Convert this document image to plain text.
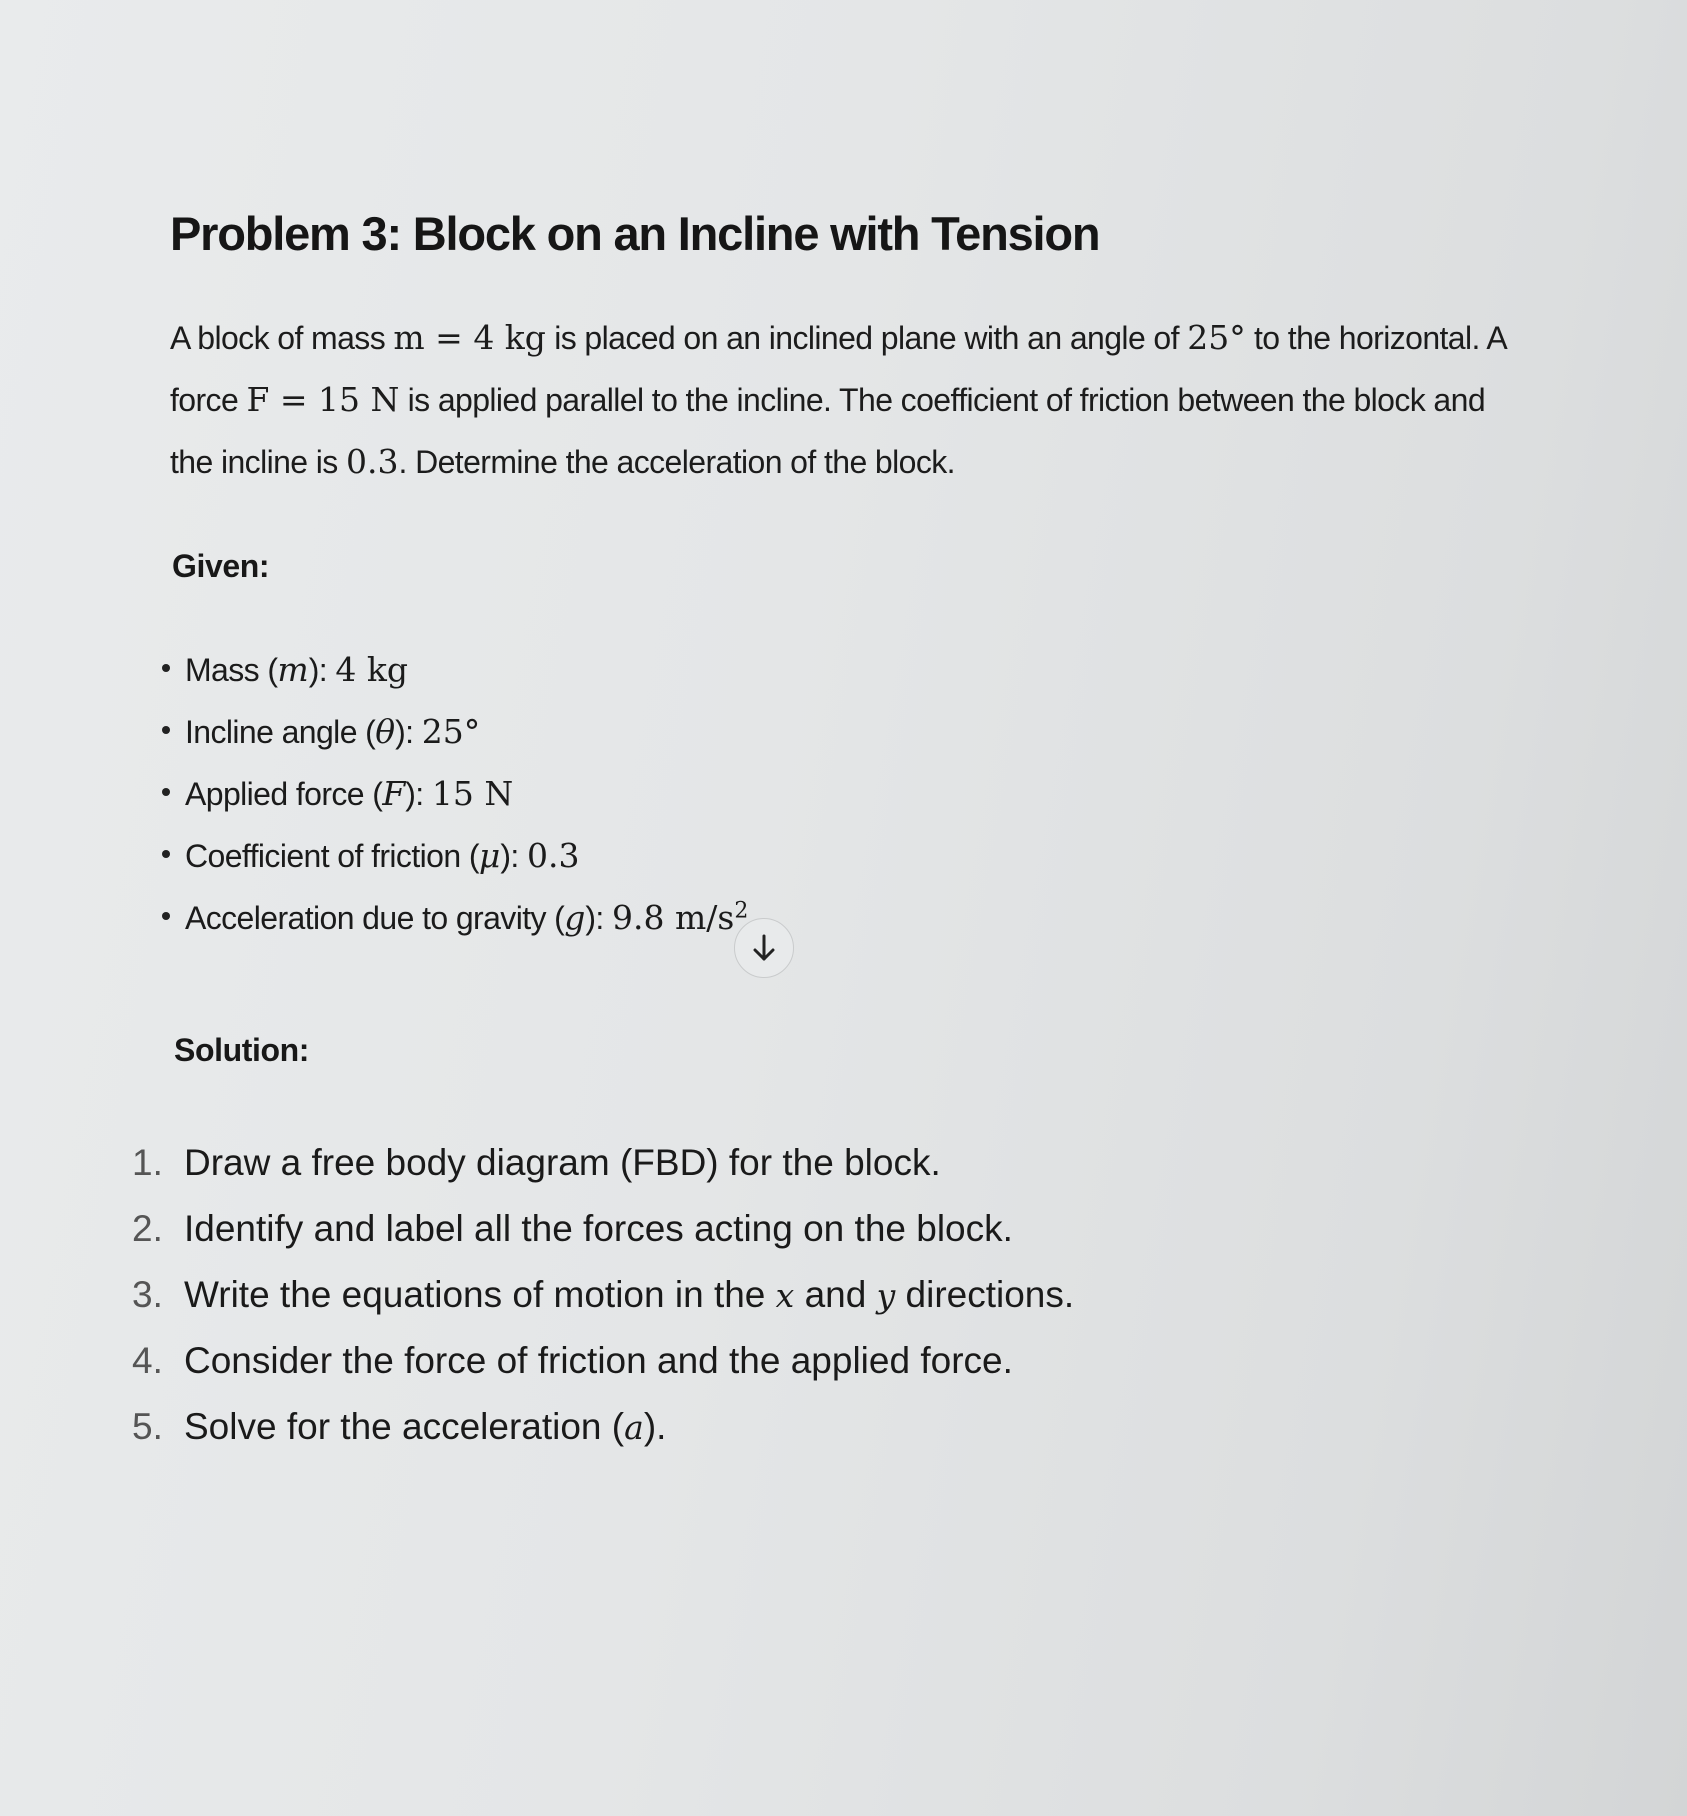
Problem 3: Block on an Incline with Tension
A block of mass m = 4 kg is placed on an inclined plane with an angle of 25° to the horizontal. A
force F = 15 N is applied parallel to the incline. The coefficient of friction between the block and
the incline is 0.3. Determine the acceleration of the block.
Given:
Mass (m): 4 kg
Incline angle (θ): 25°
Applied force (F): 15 N
Coefficient of friction (μ): 0.3
Acceleration due to gravity (g): 9.8 $m/s^2$
Solution:
1. Draw a free body diagram (FBD) for the block.
2. Identify and label all the forces acting on the block.
3. Write the equations of motion in the x and y directions.
4. Consider the force of friction and the applied force.
5. Solve for the acceleration (a).
